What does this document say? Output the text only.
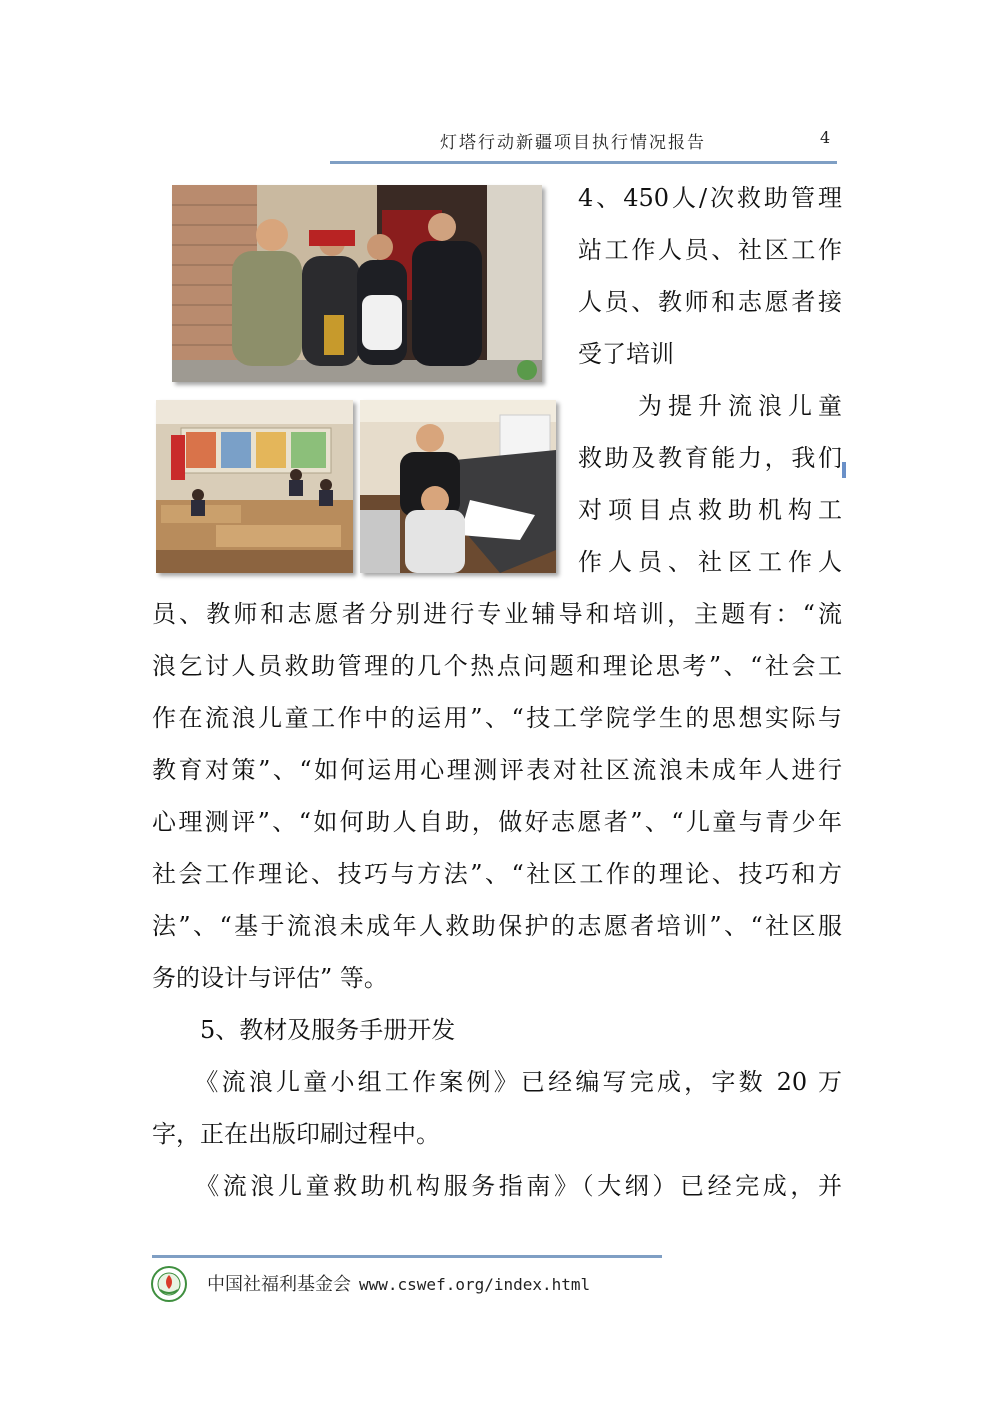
灯塔行动新疆项目执行情况报告	4
4、450人/次救助管理
站工作人员、社区工作
人员、教师和志愿者接
受了培训
　　为提升流浪儿童
救助及教育能力，我们
对项目点救助机构工
作人员、社区工作人
员、教师和志愿者分别进行专业辅导和培训，主题有：“流
浪乞讨人员救助管理的几个热点问题和理论思考”、“社会工
作在流浪儿童工作中的运用”、“技工学院学生的思想实际与
教育对策”、“如何运用心理测评表对社区流浪未成年人进行
心理测评”、“如何助人自助，做好志愿者”、“儿童与青少年
社会工作理论、技巧与方法”、“社区工作的理论、技巧和方
法”、“基于流浪未成年人救助保护的志愿者培训”、“社区服
务的设计与评估” 等。
　　5、教材及服务手册开发
　　《流浪儿童小组工作案例》已经编写完成，字数 20 万
字，正在出版印刷过程中。
　　《流浪儿童救助机构服务指南》（大纲）已经完成，并
中国社福利基金会 www.cswef.org/index.html
